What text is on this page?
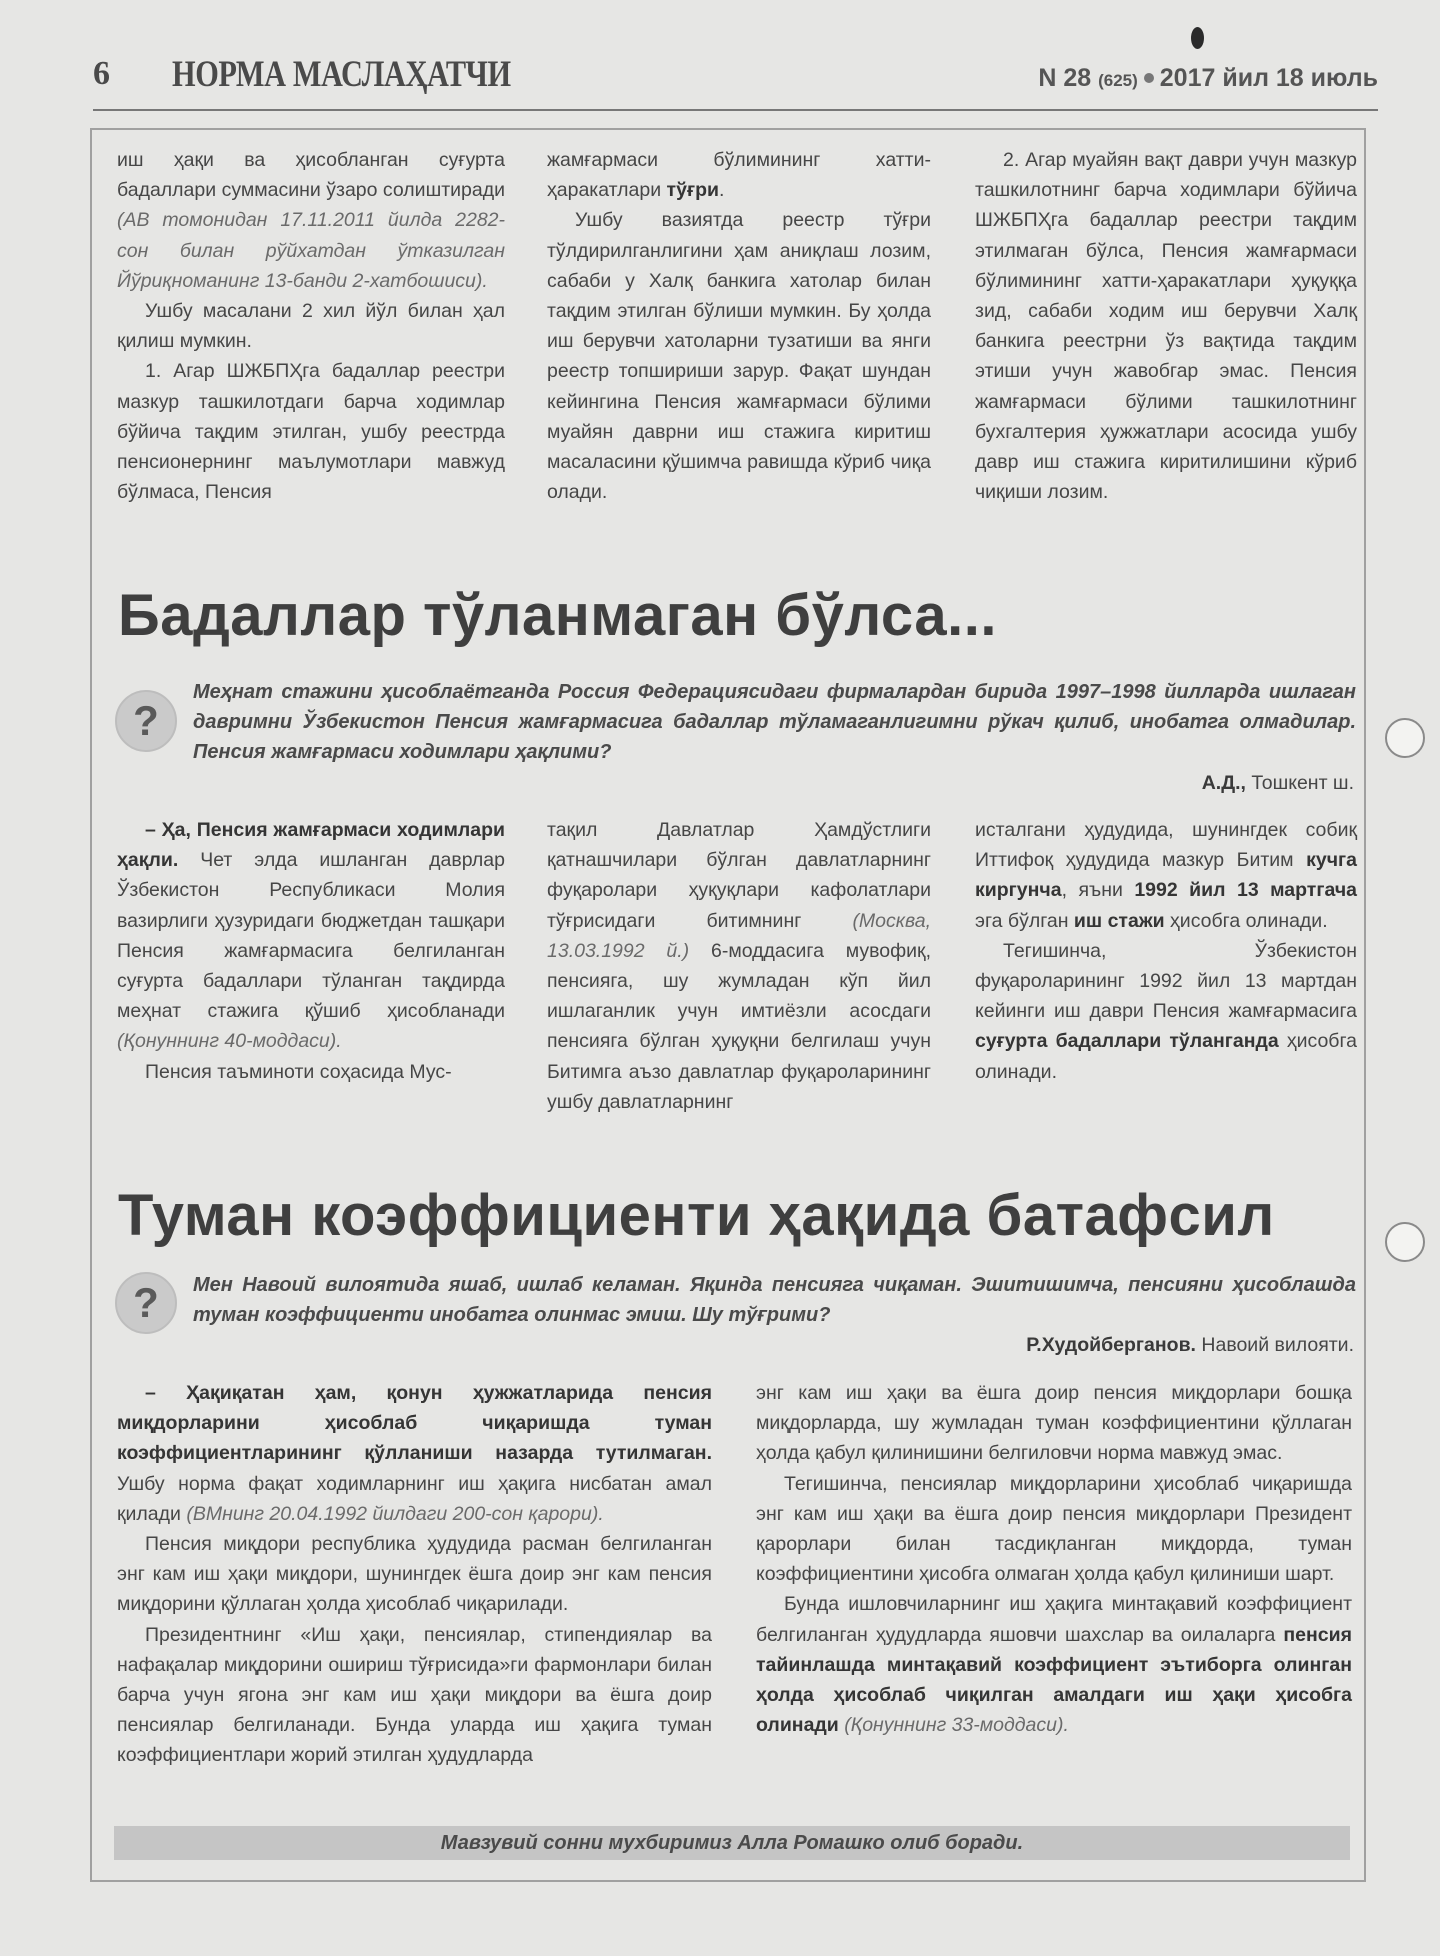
6 НОРМА МАСЛАҲАТЧИ	N 28 (625) 2017 йил 18 июль

иш ҳақи ва ҳисобланган суғурта бадаллари суммасини ўзаро солиштиради (АВ томонидан 17.11.2011 йилда 2282-сон билан рўйхатдан ўтказилган Йўриқноманинг 13-банди 2-хатбошиси).

Ушбу масалани 2 хил йўл билан ҳал қилиш мумкин.

1. Агар ШЖБПҲга бадаллар реестри мазкур ташкилотдаги барча ходимлар бўйича тақдим этилган, ушбу реестрда пенсионернинг маълумотлари мавжуд бўлмаса, Пенсия

жамғармаси бўлимининг хатти-ҳаракатлари тўғри.

Ушбу вазиятда реестр тўғри тўлдирилганлигини ҳам аниқлаш лозим, сабаби у Халқ банкига хатолар билан тақдим этилган бўлиши мумкин. Бу ҳолда иш берувчи хатоларни тузатиши ва янги реестр топшириши зарур. Фақат шундан кейингина Пенсия жамғармаси бўлими муайян даврни иш стажига киритиш масаласини қўшимча равишда кўриб чиқа олади.

2. Агар муайян вақт даври учун мазкур ташкилотнинг барча ходимлари бўйича ШЖБПҲга бадаллар реестри тақдим этилмаган бўлса, Пенсия жамғармаси бўлимининг хатти-ҳаракатлари ҳуқуққа зид, сабаби ходим иш берувчи Халқ банкига реестрни ўз вақтида тақдим этиши учун жавобгар эмас. Пенсия жамғармаси бўлими ташкилотнинг бухгалтерия ҳужжатлари асосида ушбу давр иш стажига киритилишини кўриб чиқиши лозим.

Бадаллар тўланмаган бўлса...
?
Меҳнат стажини ҳисоблаётганда Россия Федерациясидаги фирмалардан бирида 1997–1998 йилларда ишлаган давримни Ўзбекистон Пенсия жамғармасига бадаллар тўламаганлигимни рўкач қилиб, инобатга олмадилар. Пенсия жамғармаси ходимлари ҳақлими?
А.Д., Тошкент ш.

– Ҳа, Пенсия жамғармаси ходимлари ҳақли. Чет элда ишланган даврлар Ўзбекистон Республикаси Молия вазирлиги ҳузуридаги бюджетдан ташқари Пенсия жамғармасига белгиланган суғурта бадаллари тўланган тақдирда меҳнат стажига қўшиб ҳисобланади (Қонуннинг 40-моддаси).

Пенсия таъминоти соҳасида Мус-

тақил Давлатлар Ҳамдўстлиги қатнашчилари бўлган давлатларнинг фуқаролари ҳуқуқлари кафолатлари тўғрисидаги битимнинг (Москва, 13.03.1992 й.) 6-моддасига мувофиқ, пенсияга, шу жумладан кўп йил ишлаганлик учун имтиёзли асосдаги пенсияга бўлган ҳуқуқни белгилаш учун Битимга аъзо давлатлар фуқароларининг ушбу давлатларнинг

исталгани ҳудудида, шунингдек собиқ Иттифоқ ҳудудида мазкур Битим кучга киргунча, яъни 1992 йил 13 мартгача эга бўлган иш стажи ҳисобга олинади.

Тегишинча, Ўзбекистон фуқароларининг 1992 йил 13 мартдан кейинги иш даври Пенсия жамғармасига суғурта бадаллари тўланганда ҳисобга олинади.

Туман коэффициенти ҳақида батафсил
?	Мен Навоий вилоятида яшаб, ишлаб келаман. Яқинда пенсияга чиқаман. Эшитишимча, пенсияни ҳисоблашда туман коэффициенти инобатга олинмас эмиш. Шу тўғрими?
Р.Худойберганов. Навоий вилояти.

– Ҳақиқатан ҳам, қонун ҳужжатларида пенсия миқдорларини ҳисоблаб чиқаришда туман коэффициентларининг қўлланиши назарда тутилмаган. Ушбу норма фақат ходимларнинг иш ҳақига нисбатан амал қилади (ВМнинг 20.04.1992 йилдаги 200-сон қарори).

Пенсия миқдори республика ҳудудида расман белгиланган энг кам иш ҳақи миқдори, шунингдек ёшга доир энг кам пенсия миқдорини қўллаган ҳолда ҳисоблаб чиқарилади.

Президентнинг «Иш ҳақи, пенсиялар, стипендиялар ва нафақалар миқдорини ошириш тўғрисида»ги фармонлари билан барча учун ягона энг кам иш ҳақи миқдори ва ёшга доир пенсиялар белгиланади. Бунда уларда иш ҳақига туман коэффициентлари жорий этилган ҳудудларда

энг кам иш ҳақи ва ёшга доир пенсия миқдорлари бошқа миқдорларда, шу жумладан туман коэффициентини қўллаган ҳолда қабул қилинишини белгиловчи норма мавжуд эмас.

Тегишинча, пенсиялар миқдорларини ҳисоблаб чиқаришда энг кам иш ҳақи ва ёшга доир пенсия миқдорлари Президент қарорлари билан тасдиқланган миқдорда, туман коэффициентини ҳисобга олмаган ҳолда қабул қилиниши шарт.

Бунда ишловчиларнинг иш ҳақига минтақавий коэффициент белгиланган ҳудудларда яшовчи шахслар ва оилаларга пенсия тайинлашда минтақавий коэффициент эътиборга олинган ҳолда ҳисоблаб чиқилган амалдаги иш ҳақи ҳисобга олинади (Қонуннинг 33-моддаси).

Мавзувий сонни мухбиримиз Алла Ромашко олиб боради.
